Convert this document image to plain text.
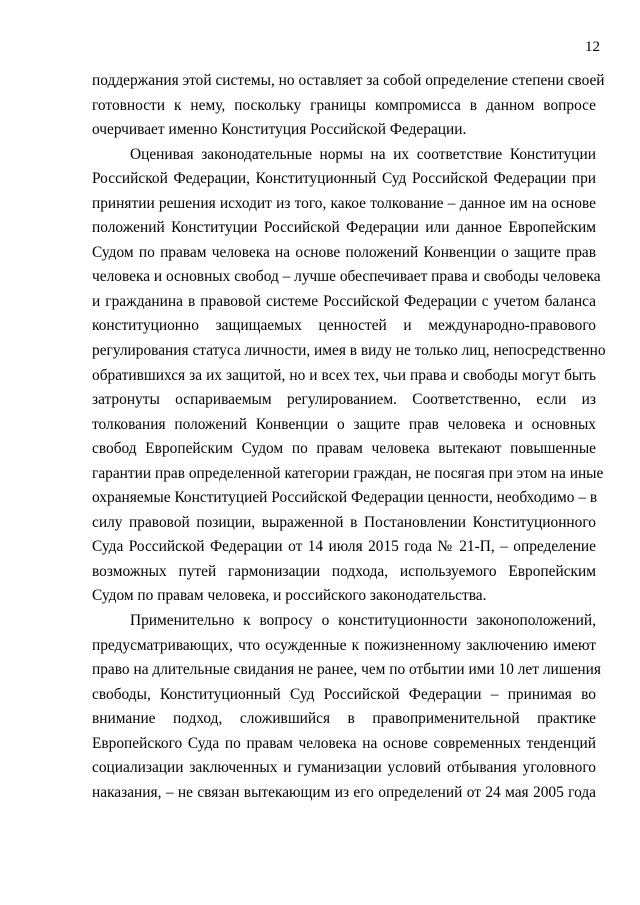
12
поддержания этой системы, но оставляет за собой определение степени своей
готовности к нему, поскольку границы компромисса в данном вопросе
очерчивает именно Конституция Российской Федерации.
Оценивая законодательные нормы на их соответствие Конституции
Российской Федерации, Конституционный Суд Российской Федерации при
принятии решения исходит из того, какое толкование – данное им на основе
положений Конституции Российской Федерации или данное Европейским
Судом по правам человека на основе положений Конвенции о защите прав
человека и основных свобод – лучше обеспечивает права и свободы человека
и гражданина в правовой системе Российской Федерации с учетом баланса
конституционно защищаемых ценностей и международно-правового
регулирования статуса личности, имея в виду не только лиц, непосредственно
обратившихся за их защитой, но и всех тех, чьи права и свободы могут быть
затронуты оспариваемым регулированием. Соответственно, если из
толкования положений Конвенции о защите прав человека и основных
свобод Европейским Судом по правам человека вытекают повышенные
гарантии прав определенной категории граждан, не посягая при этом на иные
охраняемые Конституцией Российской Федерации ценности, необходимо – в
силу правовой позиции, выраженной в Постановлении Конституционного
Суда Российской Федерации от 14 июля 2015 года № 21-П, – определение
возможных путей гармонизации подхода, используемого Европейским
Судом по правам человека, и российского законодательства.
Применительно к вопросу о конституционности законоположений,
предусматривающих, что осужденные к пожизненному заключению имеют
право на длительные свидания не ранее, чем по отбытии ими 10 лет лишения
свободы, Конституционный Суд Российской Федерации – принимая во
внимание подход, сложившийся в правоприменительной практике
Европейского Суда по правам человека на основе современных тенденций
социализации заключенных и гуманизации условий отбывания уголовного
наказания, – не связан вытекающим из его определений от 24 мая 2005 года
